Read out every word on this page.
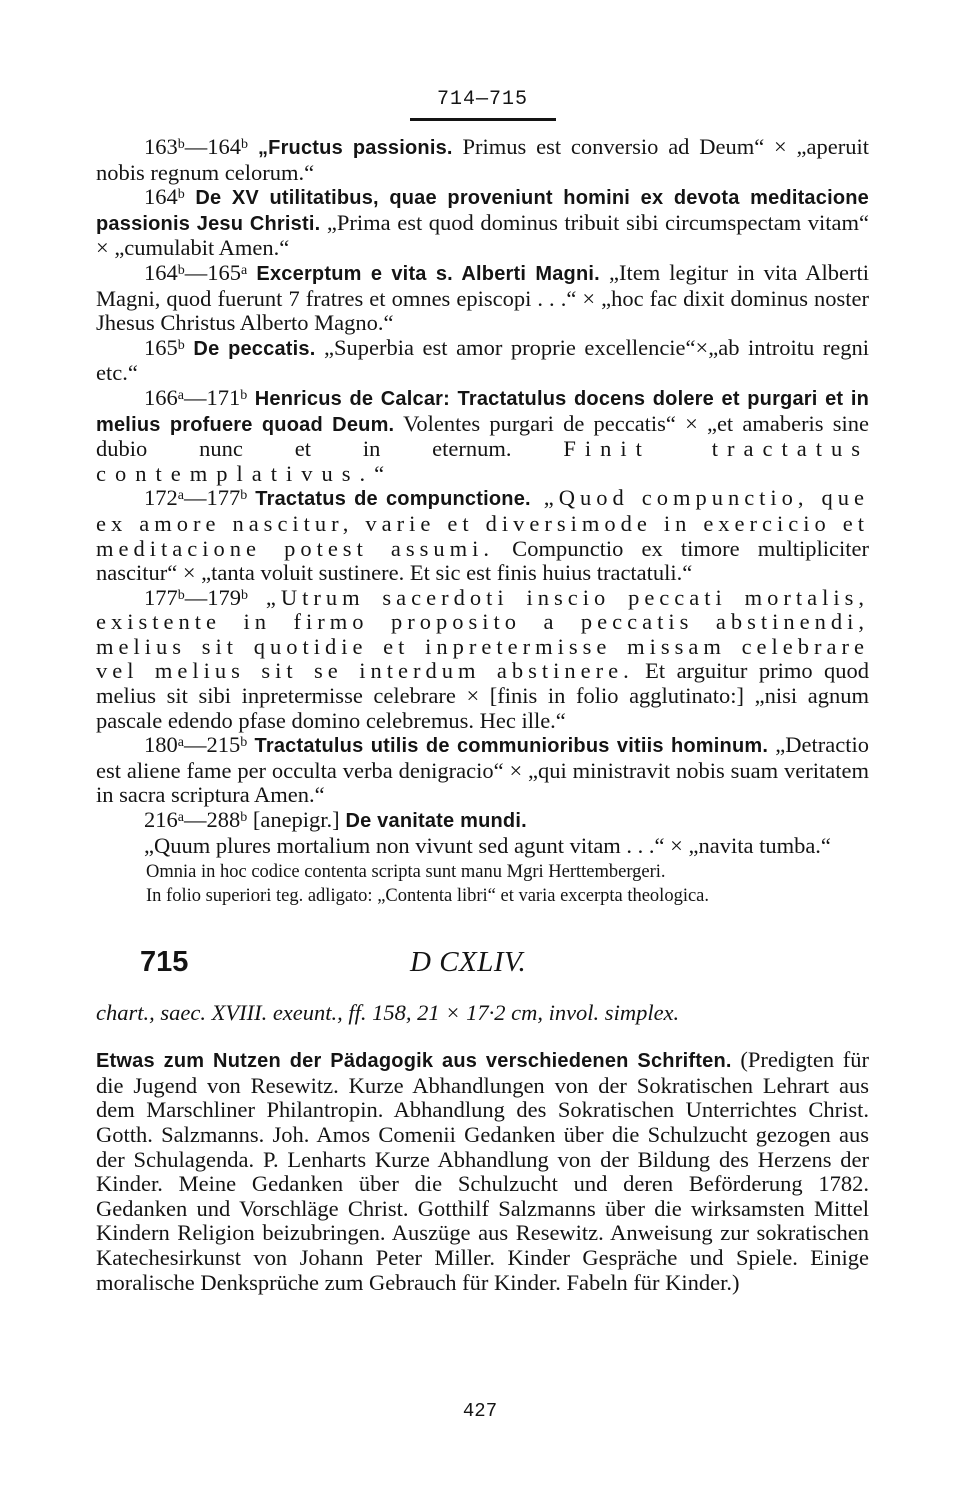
714—715

163$^b$—164$^b$ „Fructus passionis. Primus est conversio ad Deum“ × „aperuit nobis regnum celorum.“

164$^b$ De XV utilitatibus, quae proveniunt homini ex devota meditacione passionis Jesu Christi. „Prima est quod dominus tribuit sibi circumspectam vitam“ × „cumulabit Amen.“

164$^b$—165$^a$ Excerptum e vita s. Alberti Magni. „Item legitur in vita Alberti Magni, quod fuerunt 7 fratres et omnes episcopi . . .“ × „hoc fac dixit dominus noster Jhesus Christus Alberto Magno.“

165$^b$ De peccatis. „Superbia est amor proprie excellencie“×„ab introitu regni etc.“

166$^a$—171$^b$ Henricus de Calcar: Tractatulus docens dolere et purgari et in melius profuere quoad Deum. Volentes purgari de peccatis“ × „et amaberis sine dubio nunc et in eternum. Finit tractatus contemplativus.“

172$^a$—177$^b$ Tractatus de compunctione. „Quod compunctio, que ex amore nascitur, varie et diversimode in exercicio et meditacione potest assumi. Compunctio ex timore multipliciter nascitur“ × „tanta voluit sustinere. Et sic est finis huius tractatuli.“

177$^b$—179$^b$ „Utrum sacerdoti inscio peccati mortalis, existente in firmo proposito a peccatis abstinendi, melius sit quotidie et inpretermisse missam celebrare vel melius sit se interdum abstinere. Et arguitur primo quod melius sit sibi inpretermisse celebrare × [finis in folio agglutinato:] „nisi agnum pascale edendo pfase domino celebremus. Hec ille.“

180$^a$—215$^b$ Tractatulus utilis de communioribus vitiis hominum. „Detractio est aliene fame per occulta verba denigracio“ × „qui ministravit nobis suam veritatem in sacra scriptura Amen.“

216$^a$—288$^b$ [anepigr.] De vanitate mundi.
„Quum plures mortalium non vivunt sed agunt vitam . . .“ × „navita tumba.“

Omnia in hoc codice contenta scripta sunt manu Mgri Herttembergeri.

In folio superiori teg. adligato: „Contenta libri“ et varia excerpta theologica.

715	D CXLIV.

chart., saec. XVIII. exeunt., ff. 158, 21 × 17·2 cm, invol. simplex.

Etwas zum Nutzen der Pädagogik aus verschiedenen Schriften. (Predigten für die Jugend von Resewitz. Kurze Abhandlungen von der Sokratischen Lehrart aus dem Marschliner Philantropin. Abhandlung des Sokratischen Unterrichtes Christ. Gotth. Salzmanns. Joh. Amos Comenii Gedanken über die Schulzucht gezogen aus der Schulagenda. P. Lenharts Kurze Abhandlung von der Bildung des Herzens der Kinder. Meine Gedanken über die Schulzucht und deren Beförderung 1782. Gedanken und Vorschläge Christ. Gotthilf Salzmanns über die wirksamsten Mittel Kindern Religion beizubringen. Auszüge aus Resewitz. Anweisung zur sokratischen Katechesirkunst von Johann Peter Miller. Kinder Gespräche und Spiele. Einige moralische Denksprüche zum Gebrauch für Kinder. Fabeln für Kinder.)

427
